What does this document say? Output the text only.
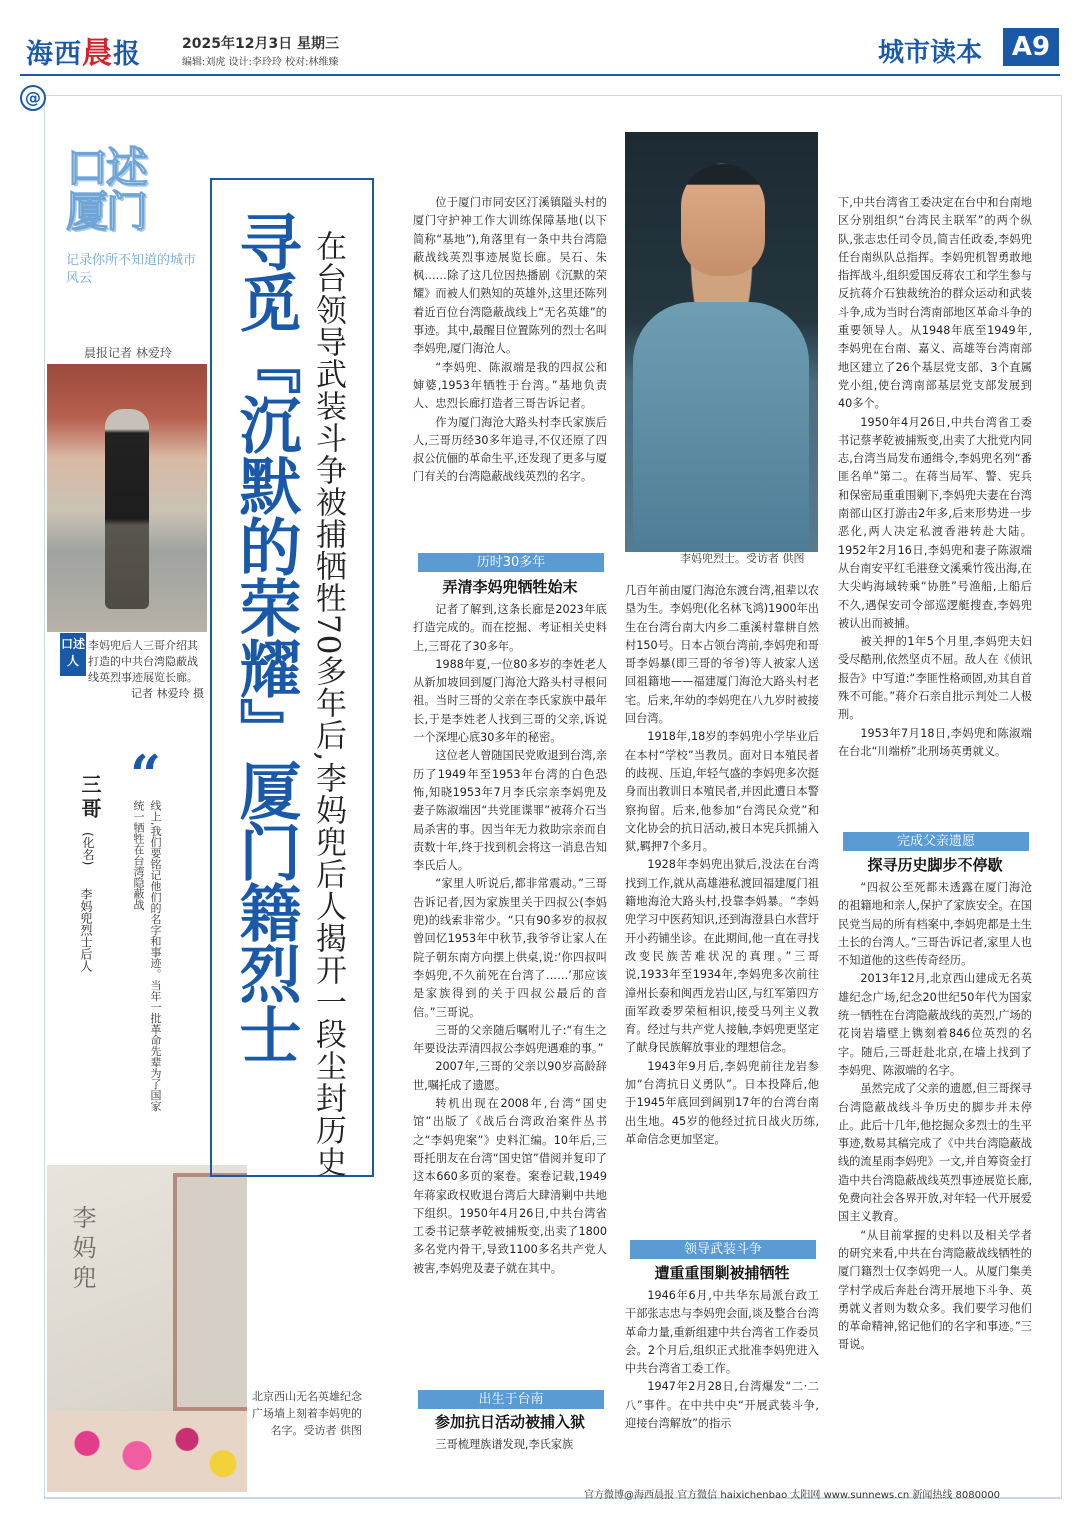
海西晨报	2025年12月3日 星期三
编辑:刘虎 设计:李玲玲 校对:林维臻	城市读本	A9
@
口述
厦门
记录你所不知道的城市风云
晨报记者 林爱玲
口述人
李妈兜后人三哥介绍其打造的中共台湾隐蔽战线英烈事迹展览长廊。

记者 林爱玲 摄
“
三哥
(化名)
李妈兜烈士后人	线上,我们要铭记他们的名字和事迹。当年一批革命先辈为了国家统一牺牲在台湾隐蔽战
李妈兜
北京西山无名英雄纪念广场墙上刻着李妈兜的名字。受访者 供图
寻觅『沉默的荣耀』厦门籍烈士 在台领导武装斗争被捕牺牲70多年后,李妈兜后人揭开一段尘封历史	李妈兜烈士。受访者 供图

位于厦门市同安区汀溪镇隘头村的厦门守护神工作大训练保障基地(以下简称“基地”),角落里有一条中共台湾隐蔽战线英烈事迹展览长廊。吴石、朱枫……除了这几位因热播剧《沉默的荣耀》而被人们熟知的英雄外,这里还陈列着近百位台湾隐蔽战线上“无名英雄”的事迹。其中,最醒目位置陈列的烈士名叫李妈兜,厦门海沧人。

“李妈兜、陈淑端是我的四叔公和婶婆,1953年牺牲于台湾。”基地负责人、忠烈长廊打造者三哥告诉记者。

作为厦门海沧大路头村李氏家族后人,三哥历经30多年追寻,不仅还原了四叔公伉俪的革命生平,还发现了更多与厦门有关的台湾隐蔽战线英烈的名字。

历时30多年
弄清李妈兜牺牲始末

记者了解到,这条长廊是2023年底打造完成的。而在挖掘、考证相关史料上,三哥花了30多年。

1988年夏,一位80多岁的李姓老人从新加坡回到厦门海沧大路头村寻根问祖。当时三哥的父亲在李氏家族中最年长,于是李姓老人找到三哥的父亲,诉说一个深埋心底30多年的秘密。

这位老人曾随国民党败退到台湾,亲历了1949年至1953年台湾的白色恐怖,知晓1953年7月李氏宗亲李妈兜及妻子陈淑端因“共党匪谍罪”被蒋介石当局杀害的事。因当年无力救助宗亲而自责数十年,终于找到机会将这一消息告知李氏后人。

“家里人听说后,都非常震动。”三哥告诉记者,因为家族里关于四叔公(李妈兜)的线索非常少。“只有90多岁的叔叔曾回忆1953年中秋节,我爷爷让家人在院子朝东南方向摆上供桌,说:‘你四叔叫李妈兜,不久前死在台湾了……’那应该是家族得到的关于四叔公最后的音信。”三哥说。

三哥的父亲随后嘱咐儿子:“有生之年要设法弄清四叔公李妈兜遇难的事。”

2007年,三哥的父亲以90岁高龄辞世,嘱托成了遗愿。

转机出现在2008年,台湾“国史馆”出版了《战后台湾政治案件丛书之“李妈兜案”》史料汇编。10年后,三哥托朋友在台湾“国史馆”借阅并复印了这本660多页的案卷。案卷记载,1949年蒋家政权败退台湾后大肆清剿中共地下组织。1950年4月26日,中共台湾省工委书记蔡孝乾被捕叛变,出卖了1800多名党内骨干,导致1100多名共产党人被害,李妈兜及妻子就在其中。

出生于台南
参加抗日活动被捕入狱

三哥梳理族谱发现,李氏家族

几百年前由厦门海沧东渡台湾,祖辈以农垦为生。李妈兜(化名林飞鸿)1900年出生在台湾台南大内乡二重溪村靠耕自然村150号。日本占领台湾前,李妈兜和哥哥李妈暴(即三哥的爷爷)等人被家人送回祖籍地——福建厦门海沧大路头村老宅。后来,年幼的李妈兜在八九岁时被接回台湾。

1918年,18岁的李妈兜小学毕业后在本村“学校”当教员。面对日本殖民者的歧视、压迫,年轻气盛的李妈兜多次挺身而出教训日本殖民者,并因此遭日本警察拘留。后来,他参加“台湾民众党”和文化协会的抗日活动,被日本宪兵抓捕入狱,羁押7个多月。

1928年李妈兜出狱后,没法在台湾找到工作,就从高雄港私渡回福建厦门祖籍地海沧大路头村,投靠李妈暴。“李妈兜学习中医药知识,还到海澄县白水营圩开小药铺坐诊。在此期间,他一直在寻找改变民族苦难状况的真理。”三哥说,1933年至1934年,李妈兜多次前往漳州长泰和闽西龙岩山区,与红军第四方面军政委罗荣桓相识,接受马列主义教育。经过与共产党人接触,李妈兜更坚定了献身民族解放事业的理想信念。

1943年9月后,李妈兜前往龙岩参加“台湾抗日义勇队”。日本投降后,他于1945年底回到阔别17年的台湾台南出生地。45岁的他经过抗日战火历练,革命信念更加坚定。

领导武装斗争
遭重重围剿被捕牺牲

1946年6月,中共华东局派台政工干部张志忠与李妈兜会面,谈及整合台湾革命力量,重新组建中共台湾省工作委员会。2个月后,组织正式批准李妈兜进入中共台湾省工委工作。

1947年2月28日,台湾爆发“二·二八”事件。在中共中央“开展武装斗争,迎接台湾解放”的指示

下,中共台湾省工委决定在台中和台南地区分别组织“台湾民主联军”的两个纵队,张志忠任司令员,简吉任政委,李妈兜任台南纵队总指挥。李妈兜机智勇敢地指挥战斗,组织爱国反蒋农工和学生参与反抗蒋介石独裁统治的群众运动和武装斗争,成为当时台湾南部地区革命斗争的重要领导人。从1948年底至1949年,李妈兜在台南、嘉义、高雄等台湾南部地区建立了26个基层党支部、3个直属党小组,使台湾南部基层党支部发展到40多个。

1950年4月26日,中共台湾省工委书记蔡孝乾被捕叛变,出卖了大批党内同志,台湾当局发布通缉令,李妈兜名列“番匪名单”第二。在蒋当局军、警、宪兵和保密局重重围剿下,李妈兜夫妻在台湾南部山区打游击2年多,后来形势进一步恶化,两人决定私渡香港转赴大陆。1952年2月16日,李妈兜和妻子陈淑端从台南安平红毛港登文溪乘竹筏出海,在大尖屿海域转乘“协胜”号渔船,上船后不久,遇保安司令部巡逻艇搜查,李妈兜被认出而被捕。

被关押的1年5个月里,李妈兜夫妇受尽酷刑,依然坚贞不屈。敌人在《侦讯报告》中写道:“李匪性格顽固,劝其自首殊不可能。”蒋介石亲自批示判处二人极刑。

1953年7月18日,李妈兜和陈淑端在台北“川端桥”北刑场英勇就义。

完成父亲遗愿
探寻历史脚步不停歇

“四叔公至死都未透露在厦门海沧的祖籍地和亲人,保护了家族安全。在国民党当局的所有档案中,李妈兜都是土生土长的台湾人。”三哥告诉记者,家里人也不知道他的这些传奇经历。

2013年12月,北京西山建成无名英雄纪念广场,纪念20世纪50年代为国家统一牺牲在台湾隐蔽战线的英烈,广场的花岗岩墙壁上镌刻着846位英烈的名字。随后,三哥赶赴北京,在墙上找到了李妈兜、陈淑端的名字。

虽然完成了父亲的遗愿,但三哥探寻台湾隐蔽战线斗争历史的脚步并未停止。此后十几年,他挖掘众多烈士的生平事迹,数易其稿完成了《中共台湾隐蔽战线的流星雨李妈兜》一文,并自筹资金打造中共台湾隐蔽战线英烈事迹展览长廊,免费向社会各界开放,对年轻一代开展爱国主义教育。

“从目前掌握的史料以及相关学者的研究来看,中共在台湾隐蔽战线牺牲的厦门籍烈士仅李妈兜一人。从厦门集美学村学成后奔赴台湾开展地下斗争、英勇就义者则为数众多。我们要学习他们的革命精神,铭记他们的名字和事迹。”三哥说。

官方微博@海西晨报 官方微信 haixichenbao 太阳网 www.sunnews.cn 新闻热线 8080000
